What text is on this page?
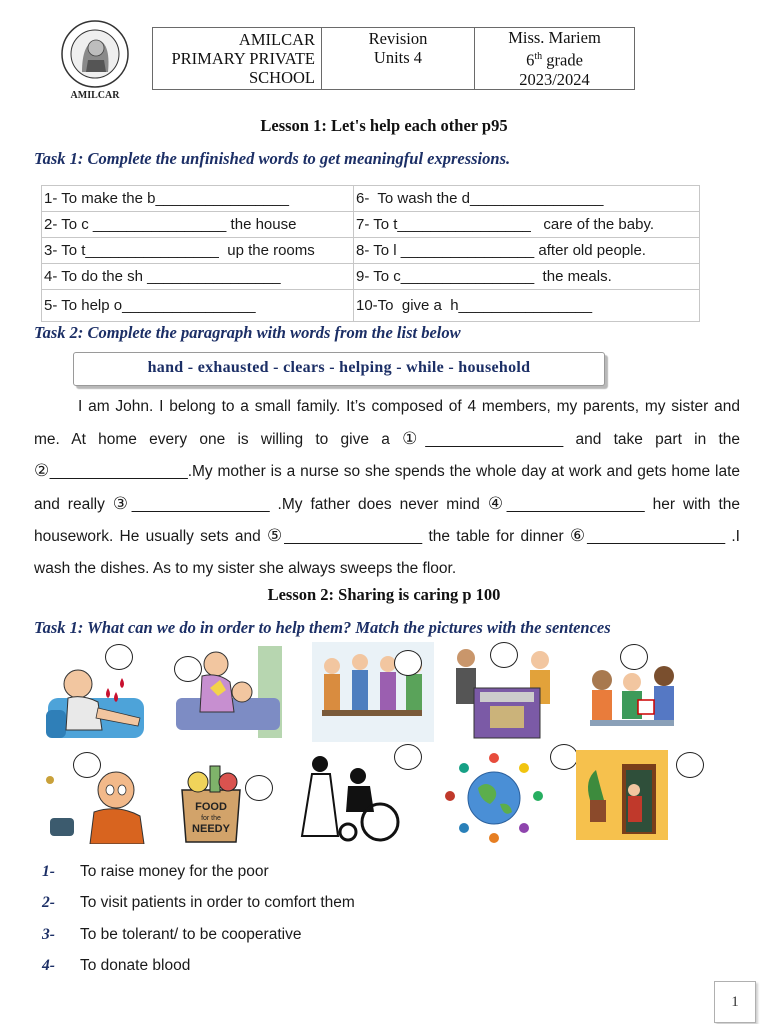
AMILCAR
AMILCAR
PRIMARY PRIVATE
SCHOOL

Revision
Units 4

Miss. Mariem
6th grade
2023/2024
Lesson 1: Let's help each other p95
Task 1: Complete the unfinished words to get meaningful expressions.
1- To make the b________________	6-  To wash the d________________
2- To c ________________ the house	7- To t________________   care of the baby.
3- To t________________  up the rooms	8- To l ________________ after old people.
4- To do the sh ________________	9- To c________________  the meals.
5- To help o________________	10-To  give a  h________________
Task 2: Complete the paragraph with words from the list below
hand - exhausted - clears - helping - while - household
I am John. I belong to a small family. It’s composed of 4 members, my parents, my sister and me. At home every one is willing to give a ①________________ and take part in the ②________________.My mother is a nurse so she spends the whole day at work and gets home late and really ③________________ .My father does never mind ④________________ her with the housework. He usually sets and ⑤________________ the table for dinner ⑥________________ .I wash the dishes. As to my sister she always sweeps the floor.
Lesson 2: Sharing is caring p 100
Task 1: What can we do in order to help them? Match the pictures with the sentences
FOOD
for the
NEEDY
1- To raise money for the poor
2- To visit patients in order to comfort them
3- To be tolerant/ to be cooperative
4- To donate blood
1
